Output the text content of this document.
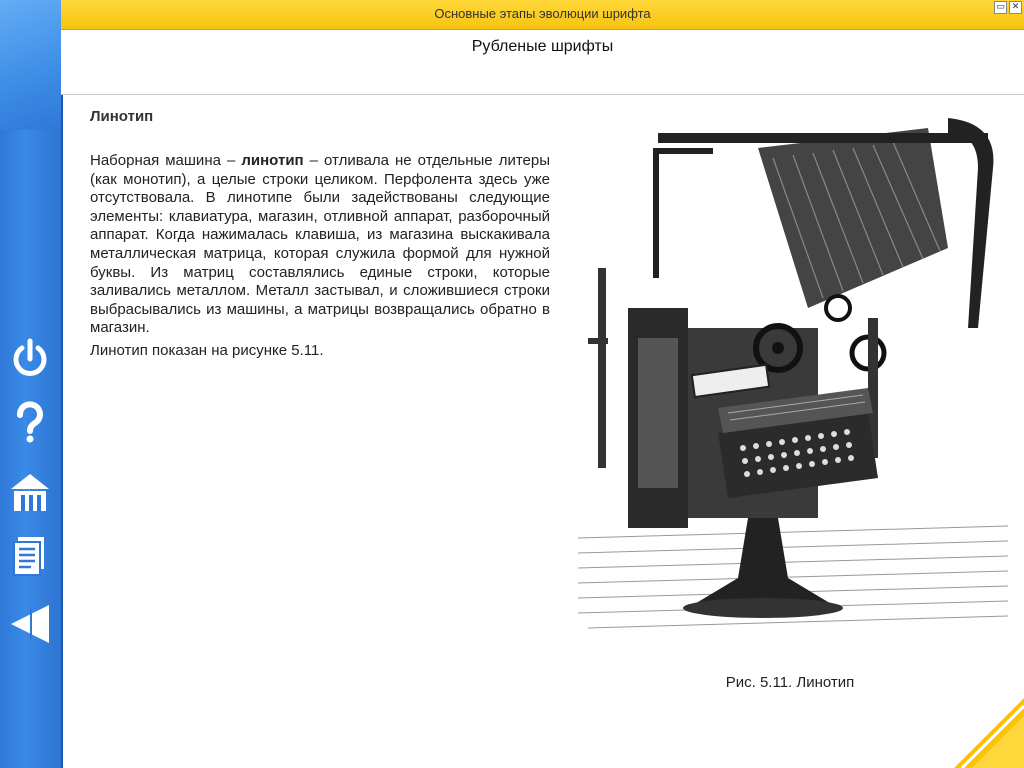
Основные этапы эволюции шрифта	▭ ✕
Рубленые шрифты
Линотип

Наборная машина – линотип – отливала не отдельные литеры (как монотип), а целые строки целиком. Перфолента здесь уже отсутствовала. В линотипе были задействованы следующие элементы: клавиатура, магазин, отливной аппарат, разборочный аппарат. Когда нажималась клавиша, из магазина выскакивала металлическая матрица, которая служила формой для нужной буквы. Из матриц составлялись единые строки, которые заливались металлом. Металл застывал, и сложившиеся строки выбрасывались из машины, а матрицы возвращались обратно в магазин.

Линотип показан на рисунке 5.11.

Рис. 5.11. Линотип
